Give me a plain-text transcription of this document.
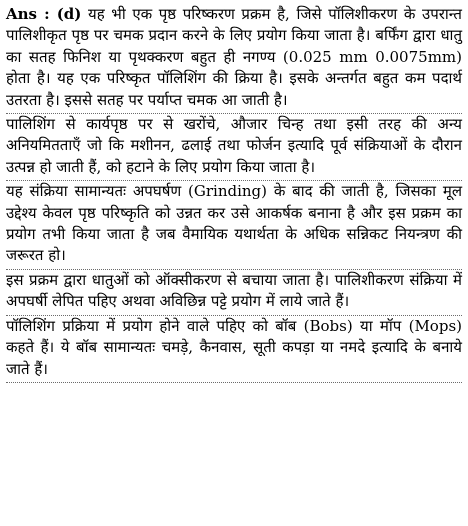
Ans : (d) यह भी एक पृष्ठ परिष्करण प्रक्रम है, जिसे पॉलिशीकरण के उपरान्त पालिशीकृत पृष्ठ पर चमक प्रदान करने के लिए प्रयोग किया जाता है। बर्फिंग द्वारा धातु का सतह फिनिश या पृथक्करण बहुत ही नगण्य (0.025 mm 0.0075mm) होता है। यह एक परिष्कृत पॉलिशिंग की क्रिया है। इसके अन्तर्गत बहुत कम पदार्थ उतरता है। इससे सतह पर पर्याप्त चमक आ जाती है।

पालिशिंग से कार्यपृष्ठ पर से खरोंचे, औजार चिन्ह तथा इसी तरह की अन्य अनियमितताएँ जो कि मशीनन, ढलाई तथा फोर्जन इत्यादि पूर्व संक्रियाओं के दौरान उत्पन्न हो जाती हैं, को हटाने के लिए प्रयोग किया जाता है।

यह संक्रिया सामान्यतः अपघर्षण (Grinding) के बाद की जाती है, जिसका मूल उद्देश्य केवल पृष्ठ परिष्कृति को उन्नत कर उसे आकर्षक बनाना है और इस प्रक्रम का प्रयोग तभी किया जाता है जब वैमायिक यथार्थता के अधिक सन्निकट नियन्त्रण की जरूरत हो।

इस प्रक्रम द्वारा धातुओं को ऑक्सीकरण से बचाया जाता है। पालिशीकरण संक्रिया में अपघर्षी लेपित पहिए अथवा अविछिन्न पट्टे प्रयोग में लाये जाते हैं।

पॉलिशिंग प्रक्रिया में प्रयोग होने वाले पहिए को बॉब (Bobs) या मॉप (Mops) कहते हैं। ये बॉब सामान्यतः चमड़े, कैनवास, सूती कपड़ा या नमदे इत्यादि के बनाये जाते हैं।
